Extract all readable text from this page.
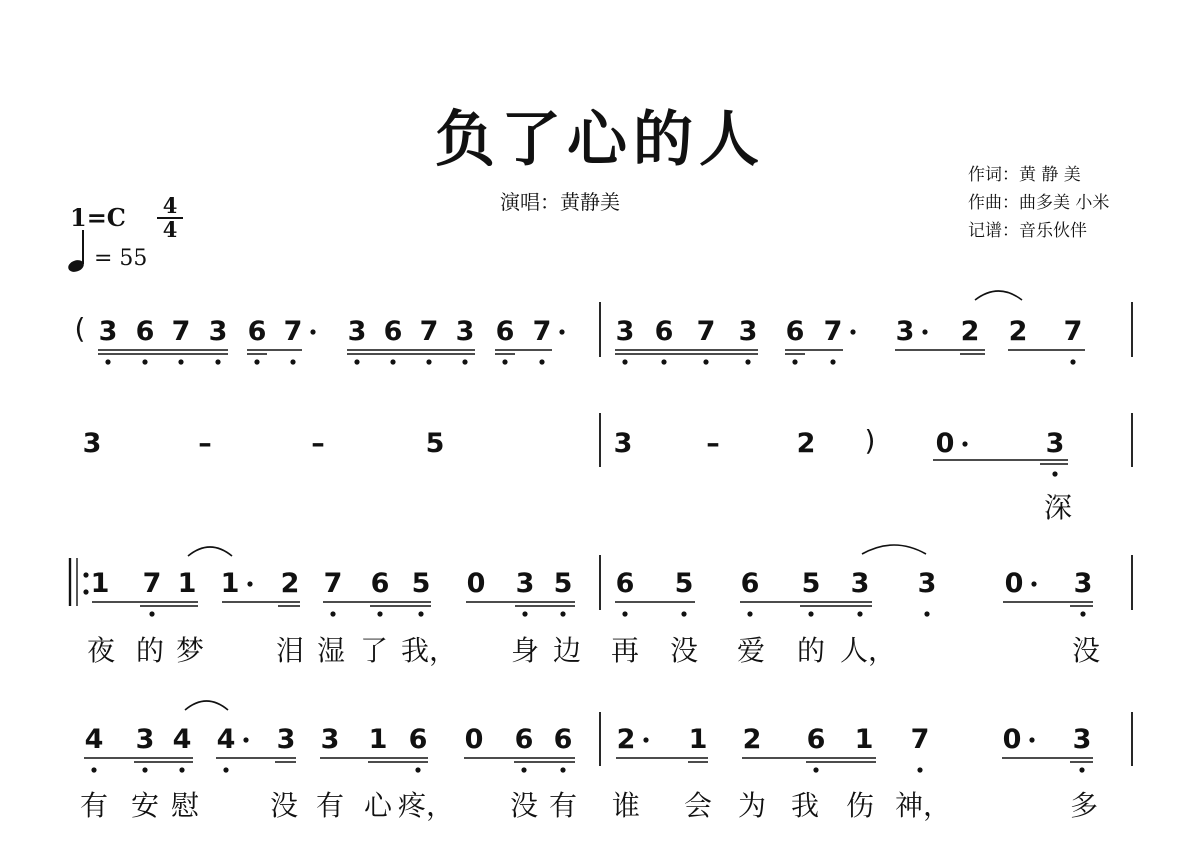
负了心的人
演唱：黄静美
作词：黄 静 美
作曲：曲多美 小米
记谱：音乐伙伴
1=C 4
4
= 55
( 3 6 7 3 6 7 3 6 7 3 6 7 3 6 7 3 6 7 3 2 2 7
3	–	–	5	3	–	2	0	3
)
深
1 7 1 1 2 7 6 5 0 3 5 6 5 6 5 3 3	0 3
夜 的 梦	泪 湿 了 我， 身 边 再 没 爱 的 人，	没
4 3 4 4 3 3 1 6 0 6 6 2 1 2 6 1 7	0 3
有 安 慰	没 有 心 疼， 没 有 谁 会 为 我 伤 神，	多
